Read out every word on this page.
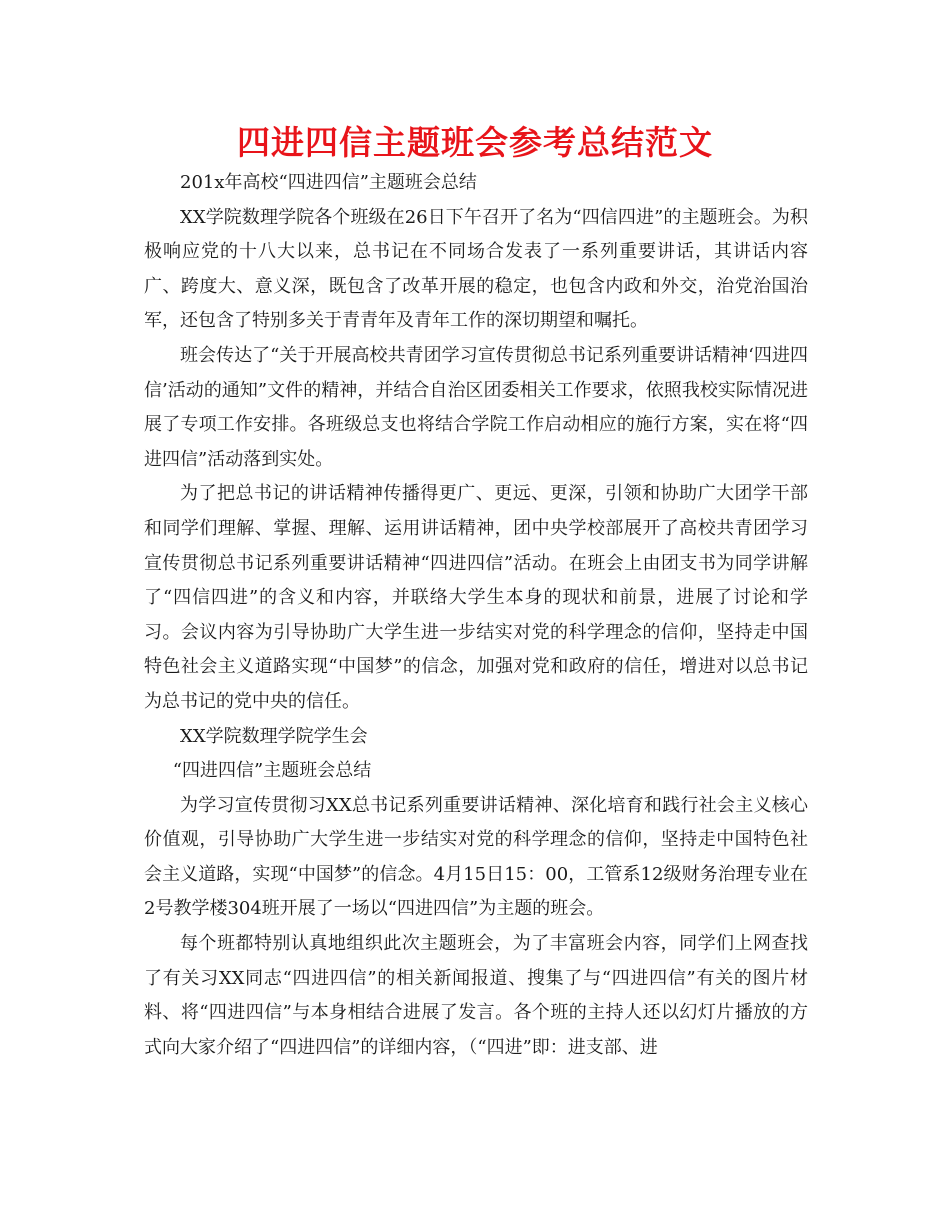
四进四信主题班会参考总结范文

201x年高校“四进四信”主题班会总结

XX学院数理学院各个班级在26日下午召开了名为“四信四进”的主题班会。为积极响应党的十八大以来，总书记在不同场合发表了一系列重要讲话，其讲话内容广、跨度大、意义深，既包含了改革开展的稳定，也包含内政和外交，治党治国治军，还包含了特别多关于青青年及青年工作的深切期望和嘱托。

班会传达了“关于开展高校共青团学习宣传贯彻总书记系列重要讲话精神‘四进四信’活动的通知”文件的精神，并结合自治区团委相关工作要求，依照我校实际情况进展了专项工作安排。各班级总支也将结合学院工作启动相应的施行方案，实在将“四进四信”活动落到实处。

为了把总书记的讲话精神传播得更广、更远、更深，引领和协助广大团学干部和同学们理解、掌握、理解、运用讲话精神，团中央学校部展开了高校共青团学习宣传贯彻总书记系列重要讲话精神“四进四信”活动。在班会上由团支书为同学讲解了“四信四进”的含义和内容，并联络大学生本身的现状和前景，进展了讨论和学习。会议内容为引导协助广大学生进一步结实对党的科学理念的信仰，坚持走中国特色社会主义道路实现“中国梦”的信念，加强对党和政府的信任，增进对以总书记为总书记的党中央的信任。

XX学院数理学院学生会

“四进四信”主题班会总结

为学习宣传贯彻习XX总书记系列重要讲话精神、深化培育和践行社会主义核心价值观，引导协助广大学生进一步结实对党的科学理念的信仰，坚持走中国特色社会主义道路，实现“中国梦”的信念。4月15日15：00，工管系12级财务治理专业在2号教学楼304班开展了一场以“四进四信”为主题的班会。

每个班都特别认真地组织此次主题班会，为了丰富班会内容，同学们上网查找了有关习XX同志“四进四信”的相关新闻报道、搜集了与“四进四信”有关的图片材料、将“四进四信”与本身相结合进展了发言。各个班的主持人还以幻灯片播放的方式向大家介绍了“四进四信”的详细内容，（“四进”即：进支部、进
